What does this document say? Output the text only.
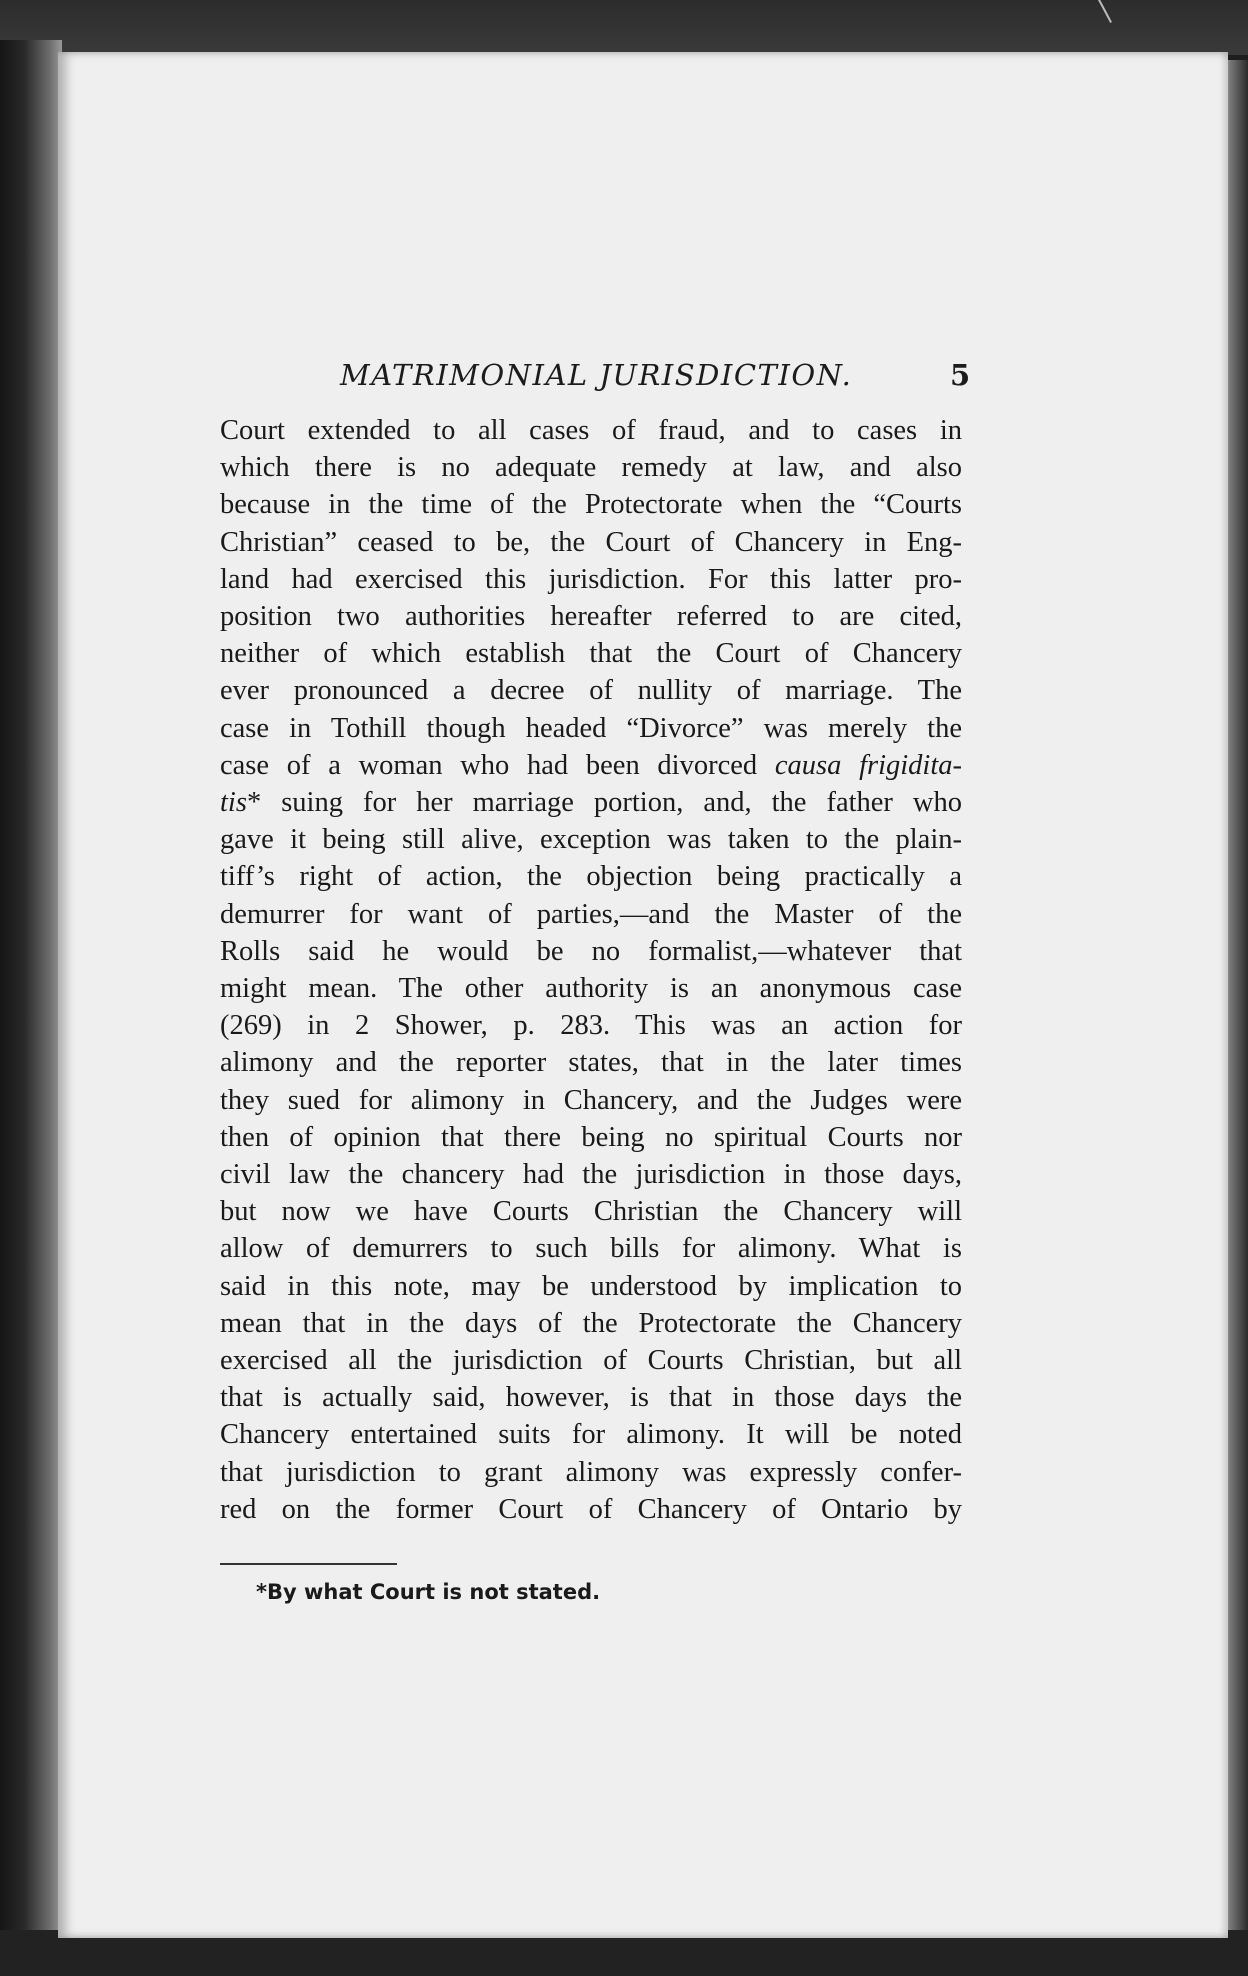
MATRIMONIAL JURISDICTION.	5

Court extended to all cases of fraud, and to cases in
which there is no adequate remedy at law, and also
because in the time of the Protectorate when the “Courts
Christian” ceased to be, the Court of Chancery in Eng-
land had exercised this jurisdiction. For this latter pro-
position two authorities hereafter referred to are cited,
neither of which establish that the Court of Chancery
ever pronounced a decree of nullity of marriage. The
case in Tothill though headed “Divorce” was merely the
case of a woman who had been divorced causa frigidita-
tis* suing for her marriage portion, and, the father who
gave it being still alive, exception was taken to the plain-
tiff’s right of action, the objection being practically a
demurrer for want of parties,—and the Master of the
Rolls said he would be no formalist,—whatever that
might mean. The other authority is an anonymous case
(269) in 2 Shower, p. 283. This was an action for
alimony and the reporter states, that in the later times
they sued for alimony in Chancery, and the Judges were
then of opinion that there being no spiritual Courts nor
civil law the chancery had the jurisdiction in those days,
but now we have Courts Christian the Chancery will
allow of demurrers to such bills for alimony. What is
said in this note, may be understood by implication to
mean that in the days of the Protectorate the Chancery
exercised all the jurisdiction of Courts Christian, but all
that is actually said, however, is that in those days the
Chancery entertained suits for alimony. It will be noted
that jurisdiction to grant alimony was expressly confer-
red on the former Court of Chancery of Ontario by

*By what Court is not stated.
